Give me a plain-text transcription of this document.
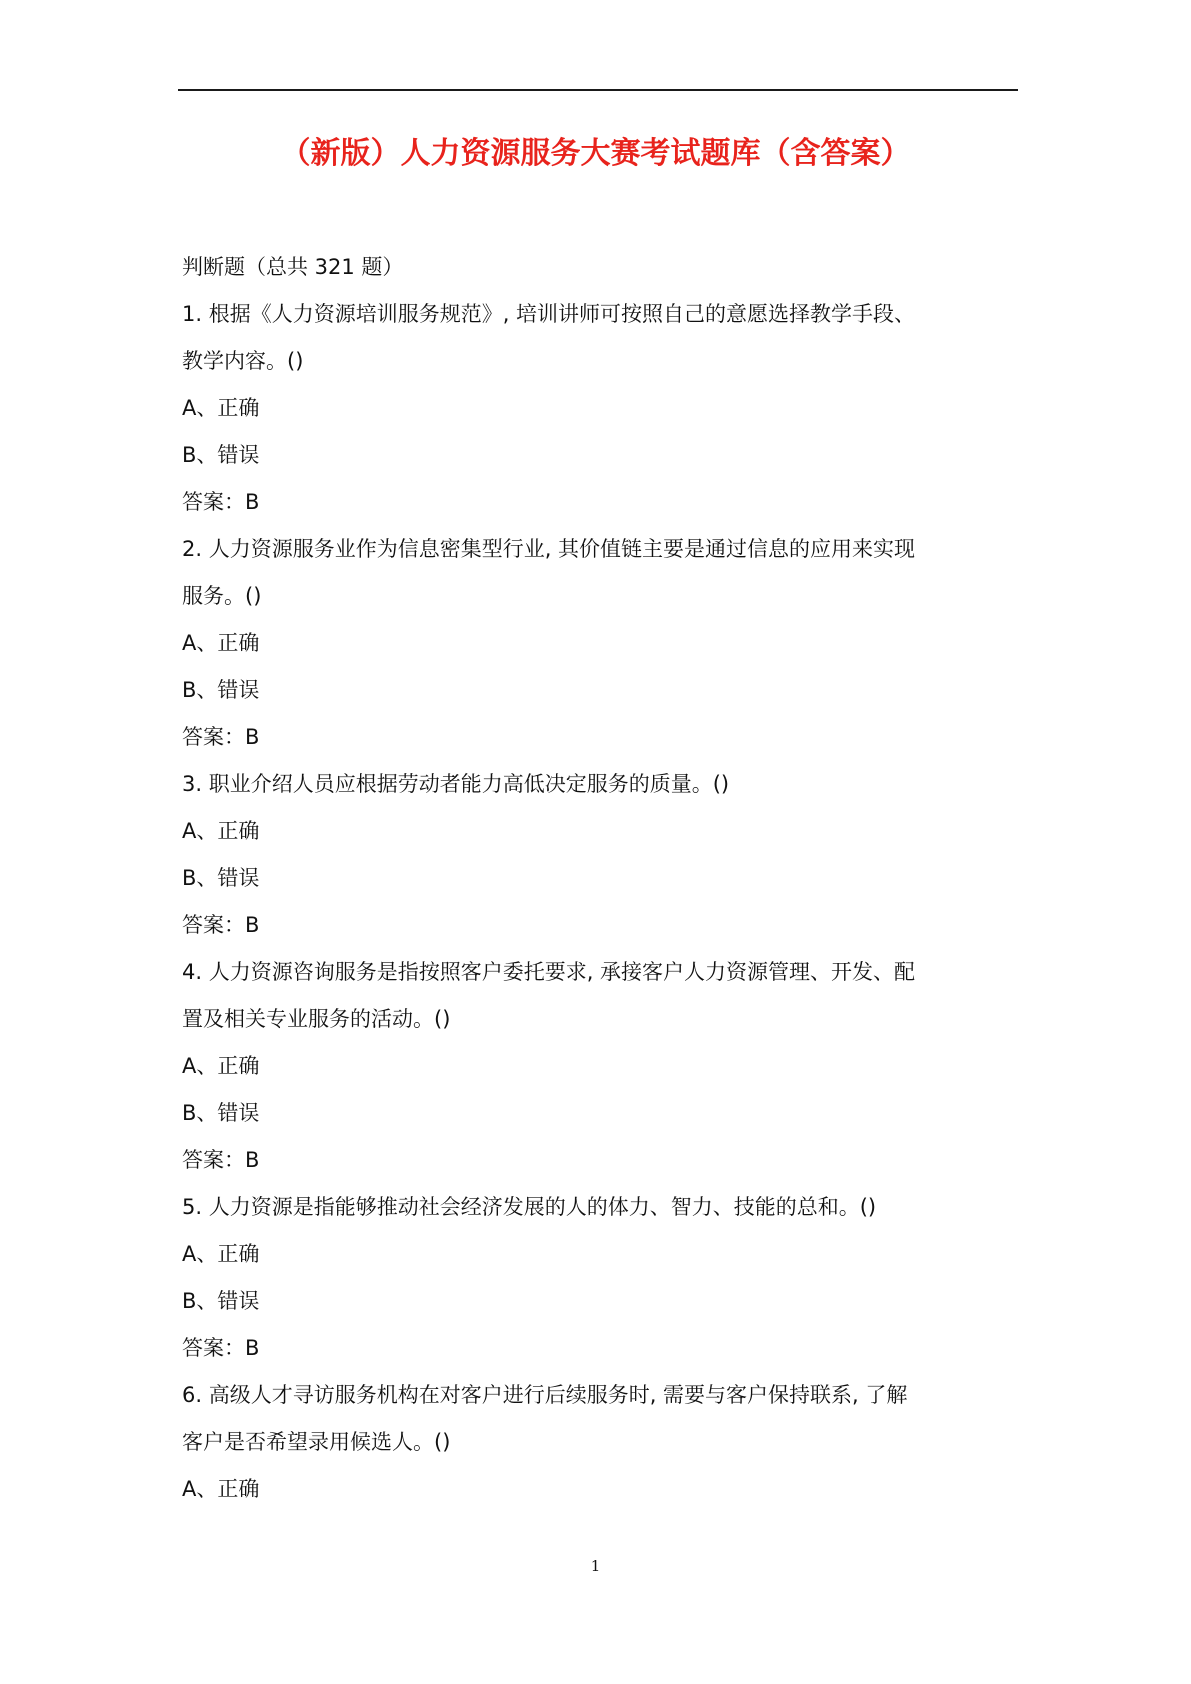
（新版）人力资源服务大赛考试题库（含答案）
判断题（总共 321 题）
1. 根据《人力资源培训服务规范》, 培训讲师可按照自己的意愿选择教学手段、
教学内容。()
A、正确
B、错误
答案：B
2. 人力资源服务业作为信息密集型行业, 其价值链主要是通过信息的应用来实现
服务。()
A、正确
B、错误
答案：B
3. 职业介绍人员应根据劳动者能力高低决定服务的质量。()
A、正确
B、错误
答案：B
4. 人力资源咨询服务是指按照客户委托要求, 承接客户人力资源管理、开发、配
置及相关专业服务的活动。()
A、正确
B、错误
答案：B
5. 人力资源是指能够推动社会经济发展的人的体力、智力、技能的总和。()
A、正确
B、错误
答案：B
6. 高级人才寻访服务机构在对客户进行后续服务时, 需要与客户保持联系, 了解
客户是否希望录用候选人。()
A、正确
1
